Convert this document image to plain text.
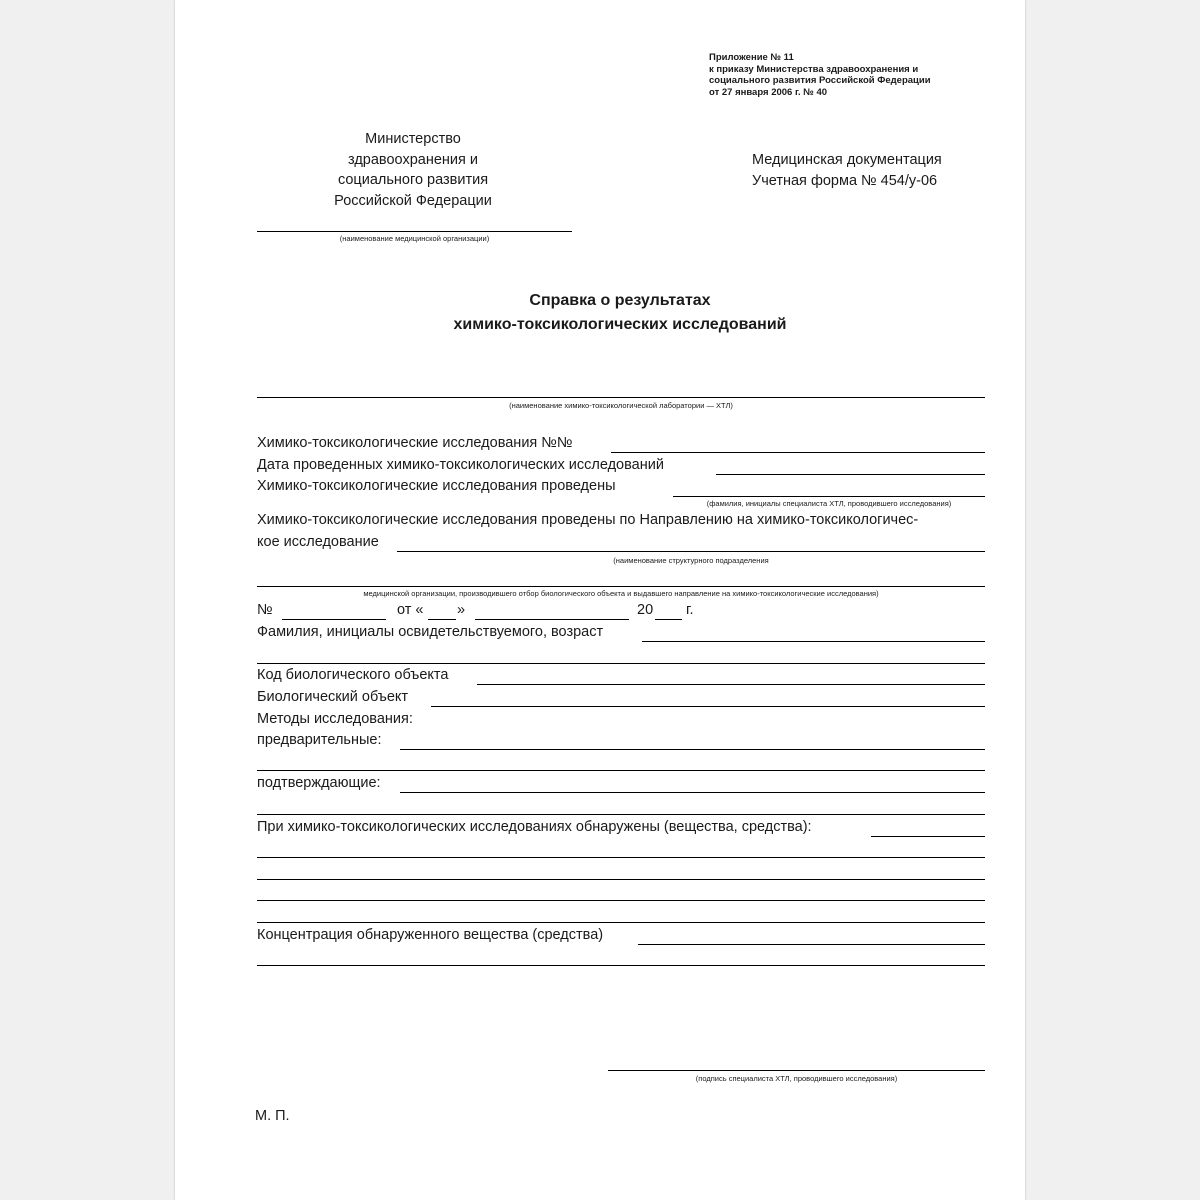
Приложение № 11
к приказу Министерства здравоохранения и
социального развития Российской Федерации
от 27 января 2006 г. № 40
Министерство
здравоохранения и
социального развития
Российской Федерации
Медицинская документация
Учетная форма № 454/у-06
(наименование медицинской организации)
Справка о результатах
химико-токсикологических исследований
(наименование химико-токсикологической лаборатории — ХТЛ)
Химико-токсикологические исследования №№
Дата проведенных химико-токсикологических исследований
Химико-токсикологические исследования проведены
(фамилия, инициалы специалиста ХТЛ, проводившего исследования)
Химико-токсикологические исследования проведены по Направлению на химико-токсикологичес-
кое исследование
(наименование структурного подразделения
медицинской организации, производившего отбор биологического объекта и выдавшего направление на химико-токсикологические исследования)
№	от « »	20 г.
Фамилия, инициалы освидетельствуемого, возраст
Код биологического объекта
Биологический объект
Методы исследования:
предварительные:
подтверждающие:
При химико-токсикологических исследованиях обнаружены (вещества, средства):
Концентрация обнаруженного вещества (средства)
(подпись специалиста ХТЛ, проводившего исследования)
М. П.
